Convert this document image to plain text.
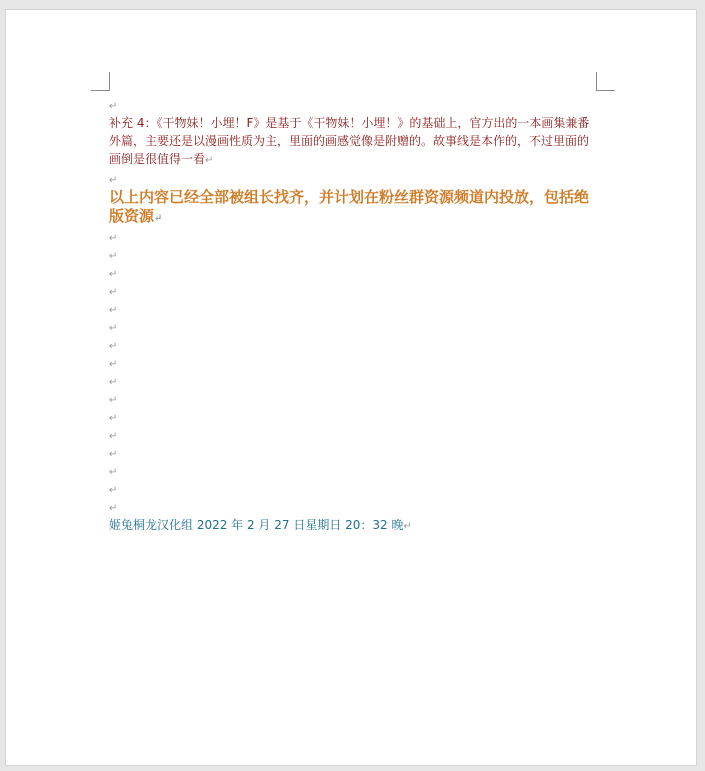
↵
补充 4：《干物妹！小埋！F》是基于《干物妹！小埋！》的基础上，官方出的一本画集兼番外篇，主要还是以漫画性质为主，里面的画感觉像是附赠的。故事线是本作的，不过里面的画倒是很值得一看↵
↵
以上内容已经全部被组长找齐，并计划在粉丝群资源频道内投放，包括绝版资源↵
↵
↵
↵
↵
↵
↵
↵
↵
↵
↵
↵
↵
↵
↵
↵
↵
姬兔桐龙汉化组 2022 年 2 月 27 日星期日 20：32 晚↵
